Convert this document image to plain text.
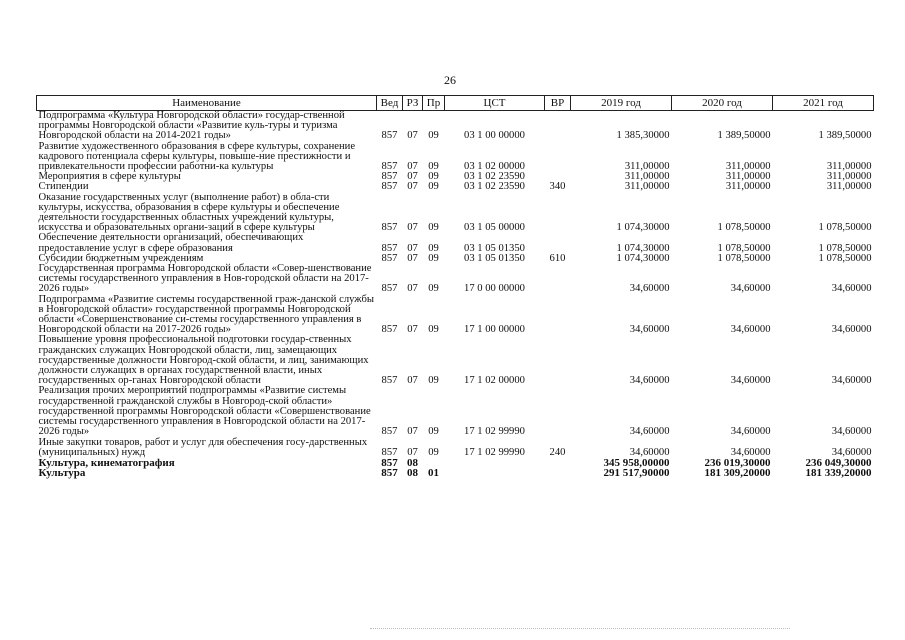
26
Наименование	Вед	РЗ	Пр	ЦСТ	ВР	2019 год	2020 год	2021 год
Подпрограмма «Культура Новгородской области» государ-ственной программы Новгородской области «Развитие куль-туры и туризма Новгородской области на 2014-2021 годы»	857	07	09	03 1 00 00000		1 385,30000	1 389,50000	1 389,50000
Развитие художественного образования в сфере культуры, сохранение кадрового потенциала сферы культуры, повыше-ние престижности и привлекательности профессии работни-ка культуры	857	07	09	03 1 02 00000		311,00000	311,00000	311,00000
Мероприятия в сфере культуры	857	07	09	03 1 02 23590		311,00000	311,00000	311,00000
Стипендии	857	07	09	03 1 02 23590	340	311,00000	311,00000	311,00000
Оказание государственных услуг (выполнение работ) в обла-сти культуры, искусства, образования в сфере культуры и обеспечение деятельности государственных областных учреждений культуры, искусства и образовательных органи-заций в сфере культуры	857	07	09	03 1 05 00000		1 074,30000	1 078,50000	1 078,50000
Обеспечение деятельности организаций, обеспечивающих предоставление услуг в сфере образования	857	07	09	03 1 05 01350		1 074,30000	1 078,50000	1 078,50000
Субсидии бюджетным учреждениям	857	07	09	03 1 05 01350	610	1 074,30000	1 078,50000	1 078,50000
Государственная программа Новгородской области «Совер-шенствование системы государственного управления в Нов-городской области на 2017-2026 годы»	857	07	09	17 0 00 00000		34,60000	34,60000	34,60000
Подпрограмма «Развитие системы государственной граж-данской службы в Новгородской области» государственной программы Новгородской области «Совершенствование си-стемы государственного управления в Новгородской области на 2017-2026 годы»	857	07	09	17 1 00 00000		34,60000	34,60000	34,60000
Повышение уровня профессиональной подготовки государ-ственных гражданских служащих Новгородской области, лиц, замещающих государственные должности Новгород-ской области, и лиц, занимающих должности служащих в органах государственной власти, иных государственных ор-ганах Новгородской области	857	07	09	17 1 02 00000		34,60000	34,60000	34,60000
Реализация прочих мероприятий подпрограммы «Развитие системы государственной гражданской службы в Новгород-ской области» государственной программы Новгородской области «Совершенствование системы государственного управления в Новгородской области на 2017-2026 годы»	857	07	09	17 1 02 99990		34,60000	34,60000	34,60000
Иные закупки товаров, работ и услуг для обеспечения госу-дарственных (муниципальных) нужд	857	07	09	17 1 02 99990	240	34,60000	34,60000	34,60000
Культура, кинематография	857	08				345 958,00000	236 019,30000	236 049,30000
Культура	857	08	01			291 517,90000	181 309,20000	181 339,20000
